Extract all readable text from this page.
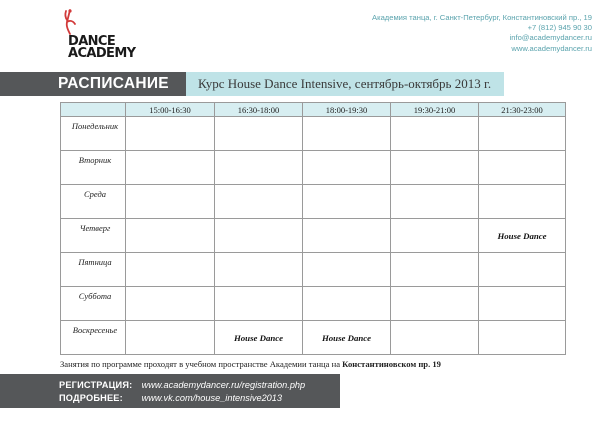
DANCE
ACADEMY
Академия танца, г. Санкт-Петербург, Константиновский пр., 19
+7 (812) 945 90 30
info@academydancer.ru
www.academydancer.ru
РАСПИСАНИЕ Курс House Dance Intensive, сентябрь-октябрь 2013 г.
	15:00-16:30	16:30-18:00	18:00-19:30	19:30-21:00	21:30-23:00
Понедельник					
Вторник					
Среда					
Четверг					House Dance
Пятница					
Суббота					
Воскресенье		House Dance	House Dance		
Занятия по программе проходят в учебном пространстве Академии танца на Константиновском пр. 19
РЕГИСТРАЦИЯ: www.academydancer.ru/registration.php
ПОДРОБНЕЕ: www.vk.com/house_intensive2013
